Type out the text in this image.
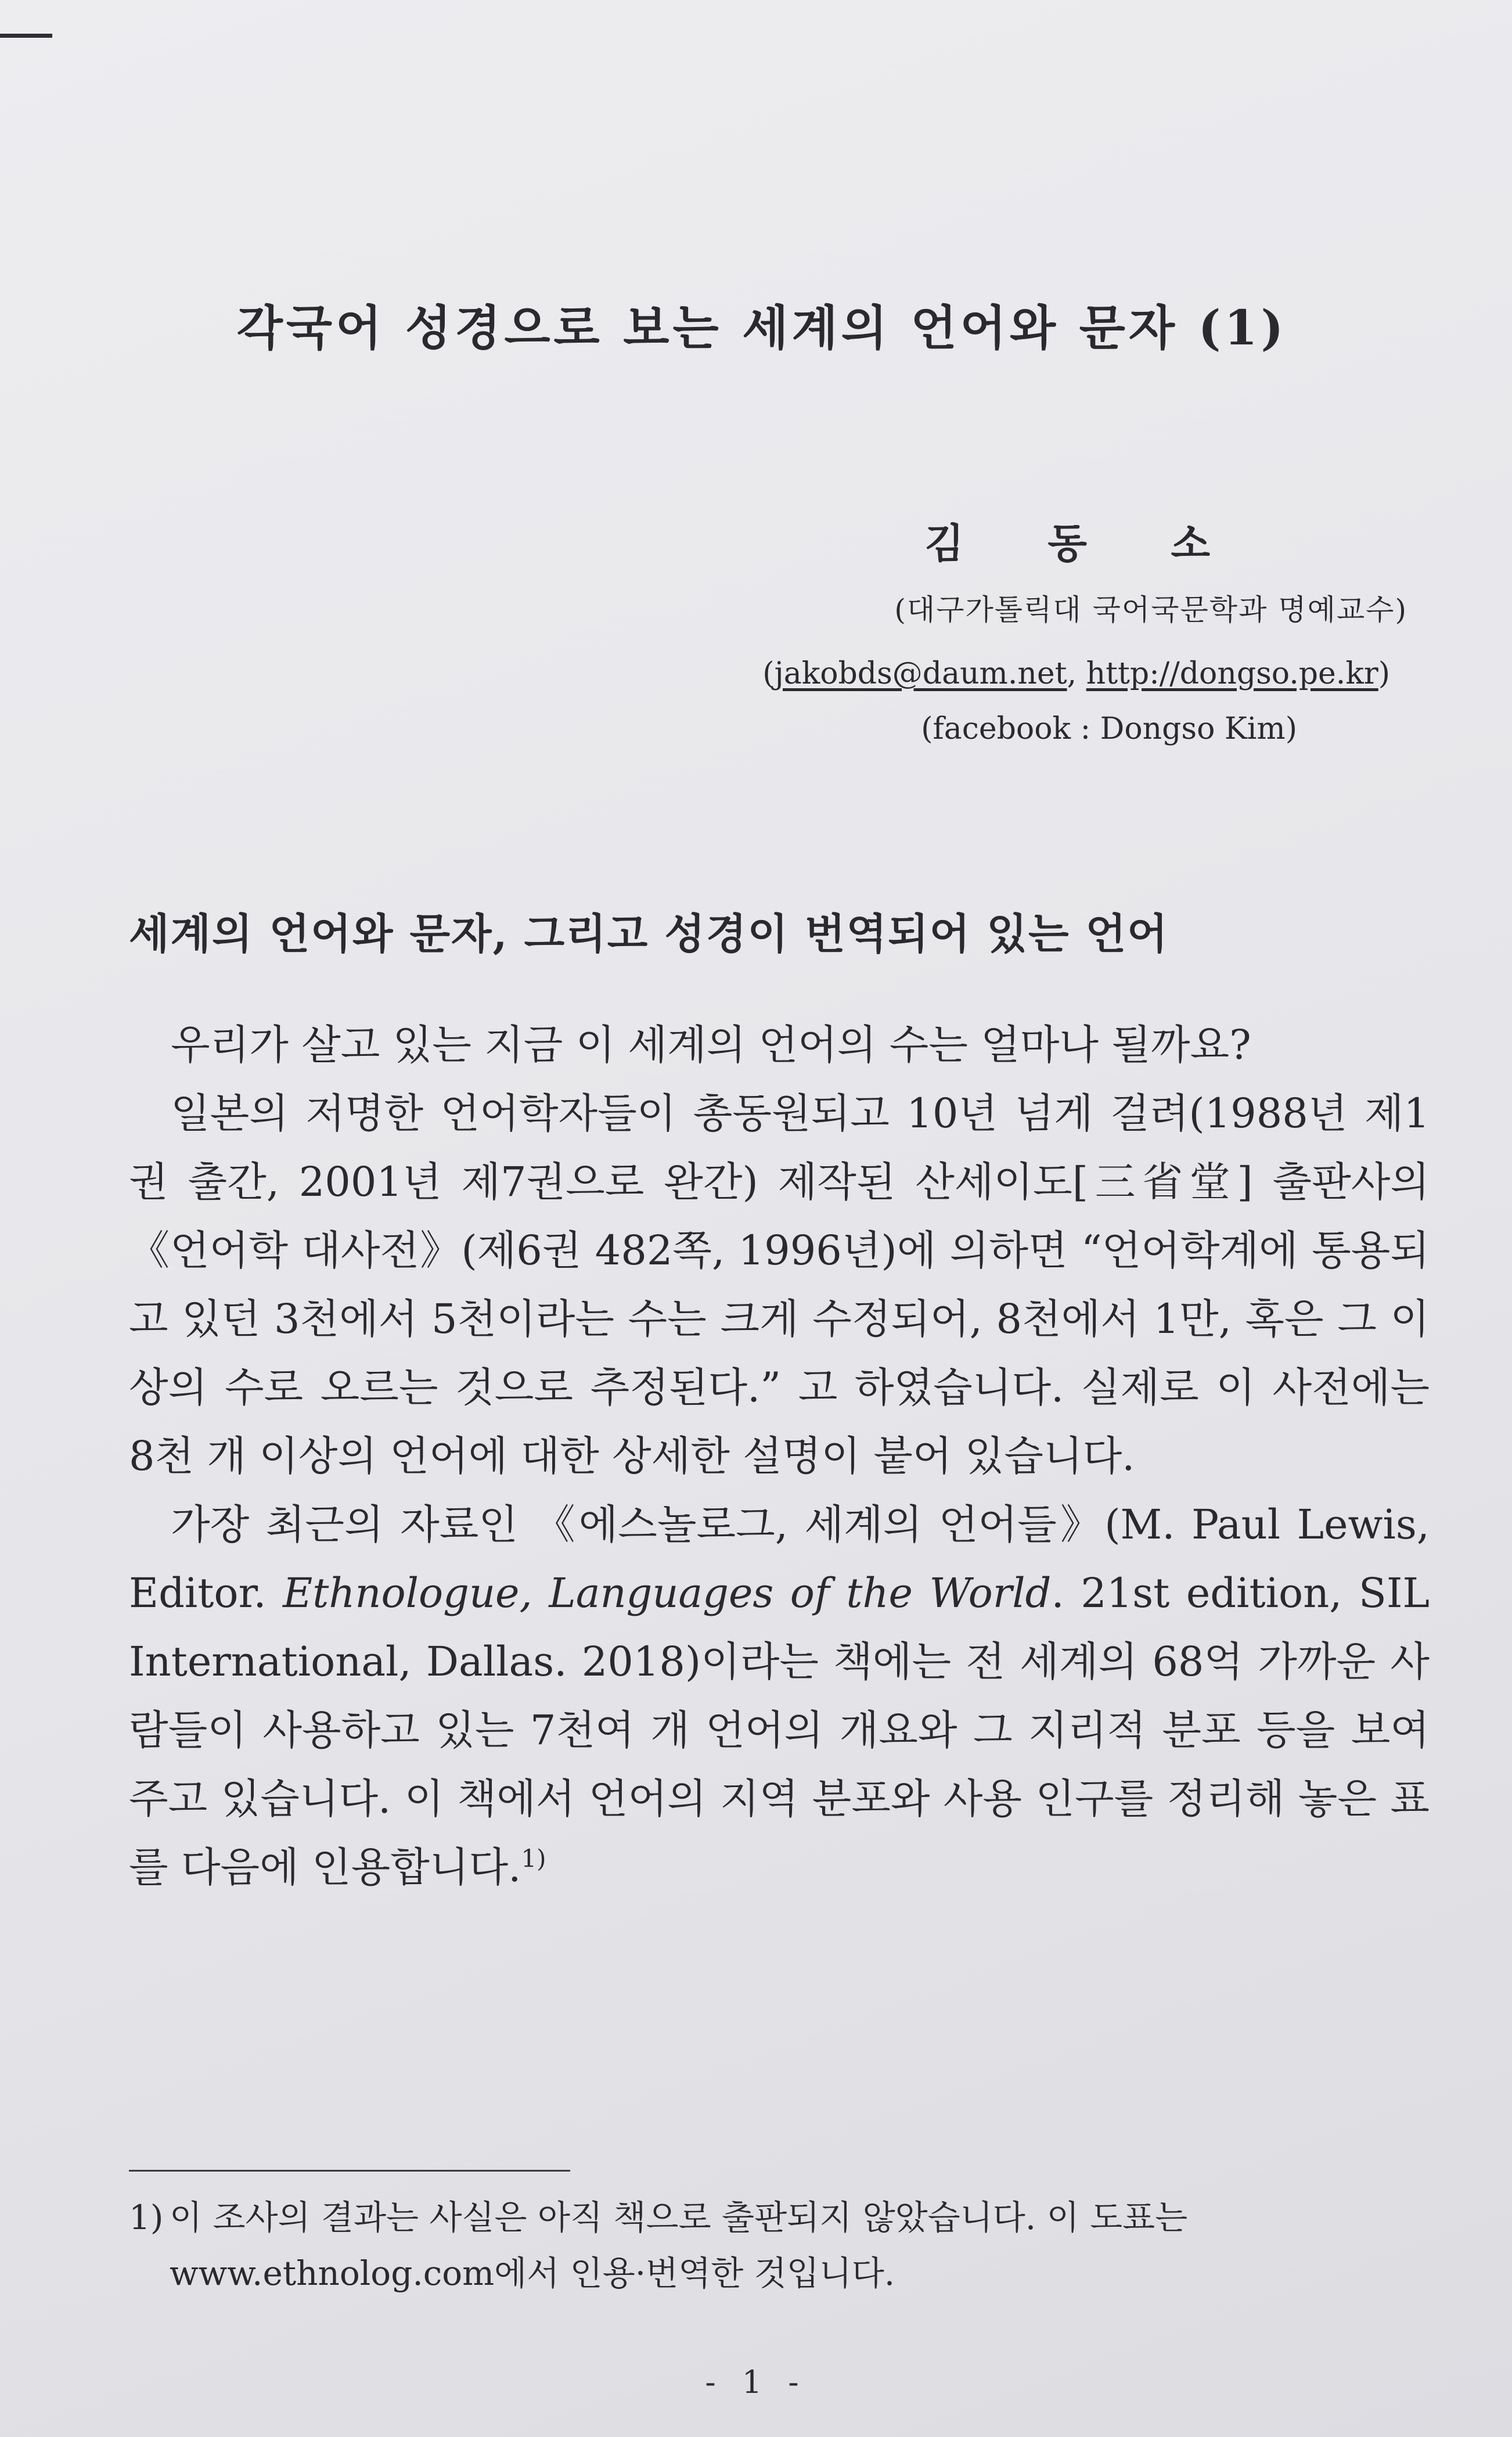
각국어 성경으로 보는 세계의 언어와 문자 (1)

김 동 소

(대구가톨릭대 국어국문학과 명예교수)

(jakobds@daum.net, http://dongso.pe.kr)

(facebook : Dongso Kim)

세계의 언어와 문자, 그리고 성경이 번역되어 있는 언어

우리가 살고 있는 지금 이 세계의 언어의 수는 얼마나 될까요?

일본의 저명한 언어학자들이 총동원되고 10년 넘게 걸려(1988년 제1권 출간, 2001년 제7권으로 완간) 제작된 산세이도[三省堂] 출판사의 《언어학 대사전》(제6권 482쪽, 1996년)에 의하면 “언어학계에 통용되고 있던 3천에서 5천이라는 수는 크게 수정되어, 8천에서 1만, 혹은 그 이상의 수로 오르는 것으로 추정된다.” 고 하였습니다. 실제로 이 사전에는 8천 개 이상의 언어에 대한 상세한 설명이 붙어 있습니다.

가장 최근의 자료인 《에스놀로그, 세계의 언어들》(M. Paul Lewis, Editor. Ethnologue, Languages of the World. 21st edition, SIL International, Dallas. 2018)이라는 책에는 전 세계의 68억 가까운 사람들이 사용하고 있는 7천여 개 언어의 개요와 그 지리적 분포 등을 보여 주고 있습니다. 이 책에서 언어의 지역 분포와 사용 인구를 정리해 놓은 표를 다음에 인용합니다.$^{1)}$

1) 이 조사의 결과는 사실은 아직 책으로 출판되지 않았습니다. 이 도표는
www.ethnolog.com에서 인용·번역한 것입니다.

- 1 -
